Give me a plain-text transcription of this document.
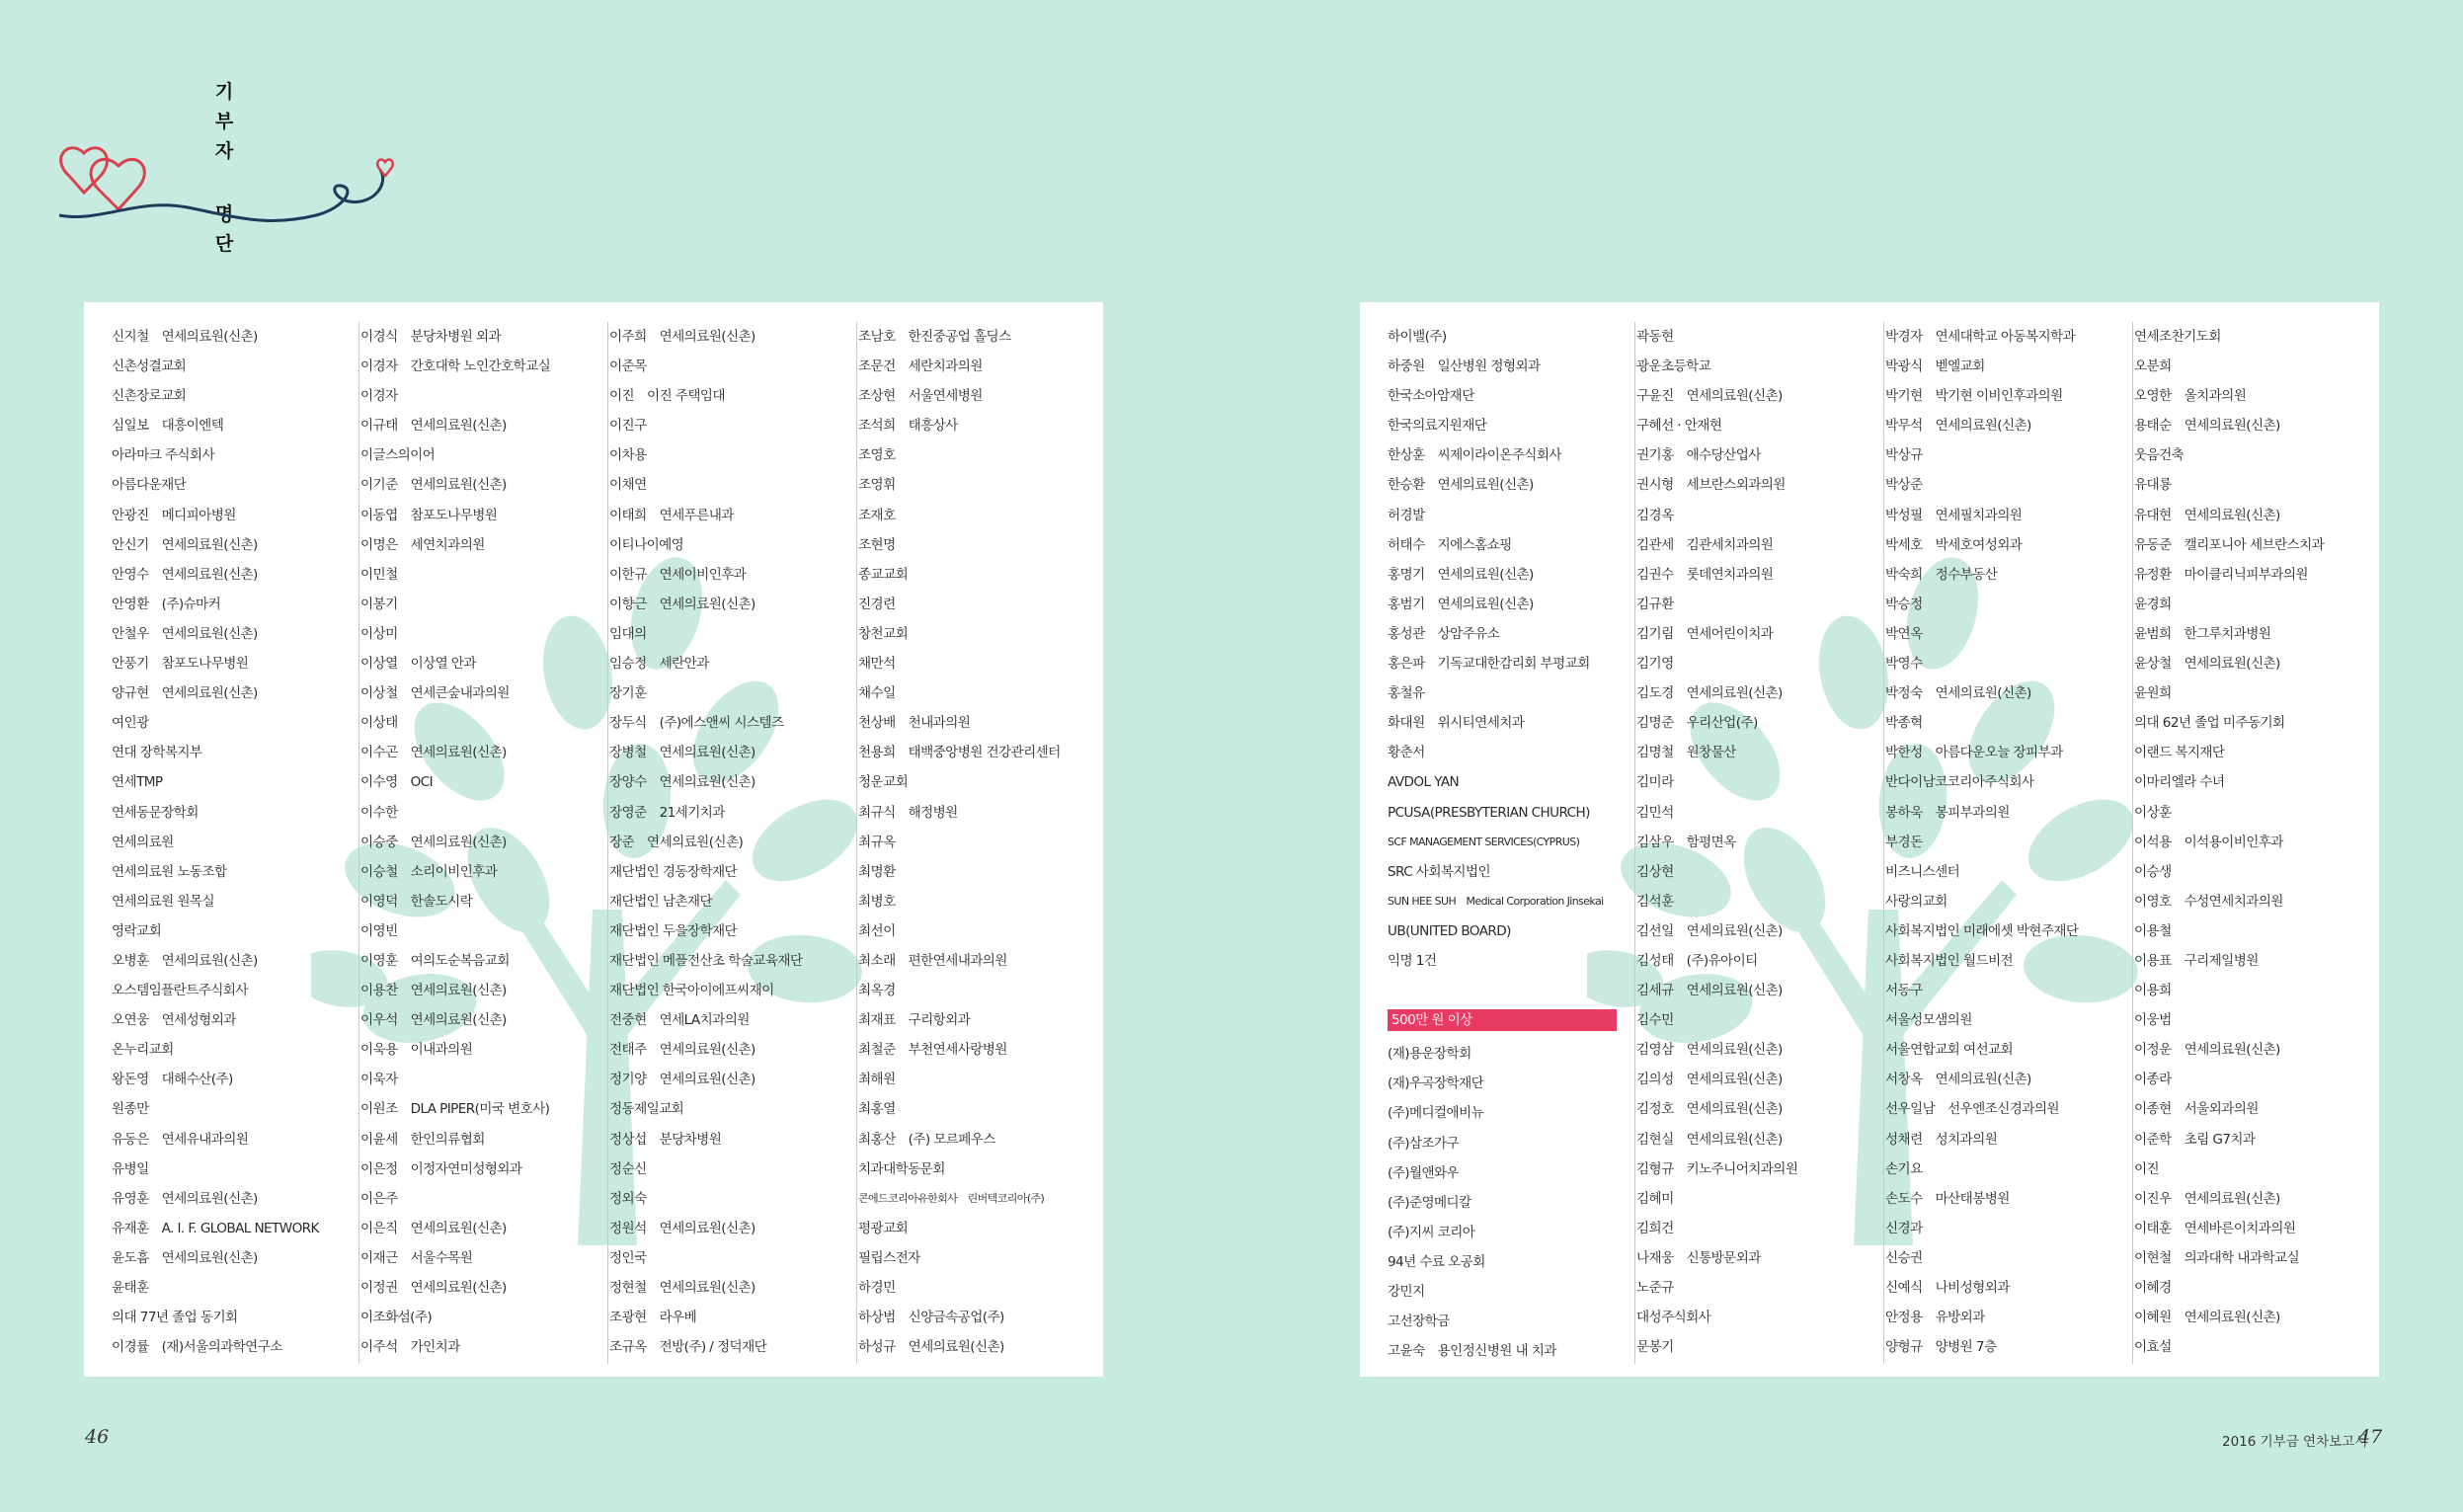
기
부
자
명
단
신지철　연세의료원(신촌)
신촌성결교회
신촌장로교회
심일보　대흥이엔텍
아라마크 주식회사
아름다운재단
안광진　메디피아병원
안신기　연세의료원(신촌)
안영수　연세의료원(신촌)
안영환　(주)슈마커
안철우　연세의료원(신촌)
안풍기　참포도나무병원
양규현　연세의료원(신촌)
여인광
연대 장학복지부
연세TMP
연세동문장학회
연세의료원
연세의료원 노동조합
연세의료원 원목실
영락교회
오병훈　연세의료원(신촌)
오스템임플란트주식회사
오연웅　연세성형외과
온누리교회
왕돈영　대해수산(주)
원종만
유동은　연세유내과의원
유병일
유영훈　연세의료원(신촌)
유재훈　A. I. F. GLOBAL NETWORK
윤도흠　연세의료원(신촌)
윤태훈
의대 77년 졸업 동기회
이경률　(재)서울의과학연구소
이경식　분당차병원 외과
이경자　간호대학 노인간호학교실
이경자
이규태　연세의료원(신촌)
이글스의이어
이기준　연세의료원(신촌)
이동엽　참포도나무병원
이명은　세연치과의원
이민철
이봉기
이상미
이상열　이상열 안과
이상철　연세큰숲내과의원
이상태
이수곤　연세의료원(신촌)
이수영　OCI
이수한
이승중　연세의료원(신촌)
이승철　소리이비인후과
이영덕　한솔도시락
이영빈
이영훈　여의도순복음교회
이용찬　연세의료원(신촌)
이우석　연세의료원(신촌)
이욱용　이내과의원
이욱자
이원조　DLA PIPER(미국 변호사)
이윤세　한인의류협회
이은정　이정자연미성형외과
이은주
이은직　연세의료원(신촌)
이재근　서울수목원
이정권　연세의료원(신촌)
이조화섬(주)
이주석　가인치과
이주희　연세의료원(신촌)
이준목
이진　이진 주택임대
이진구
이차용
이채연
이태희　연세푸른내과
이티나이예영
이한규　연세이비인후과
이향근　연세의료원(신촌)
임대의
임승정　세란안과
장기훈
장두식　(주)에스앤씨 시스템즈
장병철　연세의료원(신촌)
장양수　연세의료원(신촌)
장영준　21세기치과
장준　연세의료원(신촌)
재단법인 경동장학재단
재단법인 남촌재단
재단법인 두을장학재단
재단법인 메플전산초 학술교육재단
재단법인 한국아이에프씨재이
전중현　연세LA치과의원
전태주　연세의료원(신촌)
정기양　연세의료원(신촌)
정동제일교회
정상섭　분당차병원
정순신
정외숙
정원석　연세의료원(신촌)
정인국
정현철　연세의료원(신촌)
조광현　라우베
조규옥　전방(주) / 정덕재단
조남호　한진중공업 홀딩스
조문건　세란치과의원
조상현　서울연세병원
조석희　태흥상사
조영호
조영휘
조재호
조현명
종교교회
진경련
창천교회
채만석
채수일
천상배　천내과의원
천용희　태백중앙병원 건강관리센터
청운교회
최규식　해정병원
최규옥
최명환
최병호
최선이
최소래　편한연세내과의원
최옥경
최재표　구리항외과
최철준　부천연세사랑병원
최해원
최홍열
최홍산　(주) 모르페우스
치과대학동문회
콘에드코리아유한회사　린버텍코리아(주)
평광교회
필립스전자
하경민
하상범　신양금속공업(주)
하성규　연세의료원(신촌)
하이밸(주)
하중원　일산병원 정형외과
한국소아암재단
한국의료지원재단
한상훈　씨제이라이온주식회사
한승환　연세의료원(신촌)
허경발
허태수　지에스홈쇼핑
홍명기　연세의료원(신촌)
홍범기　연세의료원(신촌)
홍성관　상암주유소
홍은파　기독교대한감리회 부평교회
홍철유
화대원　위시티연세치과
황춘서
AVDOL YAN
PCUSA(PRESBYTERIAN CHURCH)
SCF MANAGEMENT SERVICES(CYPRUS)
SRC 사회복지법인
SUN HEE SUH　Medical Corporation Jinsekai
UB(UNITED BOARD)
익명 1건
500만 원 이상
(재)용운장학회
(재)우곡장학재단
(주)메디컬애비뉴
(주)삼조가구
(주)월앤와우
(주)준영메디칼
(주)지씨 코리아
94년 수료 오공회
강민지
고선장학금
고윤숙　용인정신병원 내 치과
곽동현
광운초등학교
구윤진　연세의료원(신촌)
구혜선 · 안재현
권기홍　애수당산업사
권시형　세브란스외과의원
김경옥
김관세　김관세치과의원
김권수　롯데연치과의원
김규환
김기림　연세어린이치과
김기영
김도경　연세의료원(신촌)
김명준　우리산업(주)
김명철　원창물산
김미라
김민석
김삼우　함평면옥
김상현
김석훈
김선일　연세의료원(신촌)
김성태　(주)유아이티
김세규　연세의료원(신촌)
김수민
김영삼　연세의료원(신촌)
김의성　연세의료원(신촌)
김정호　연세의료원(신촌)
김현실　연세의료원(신촌)
김형규　키노주니어치과의원
김혜미
김희건
나재웅　신통방문외과
노준규
대성주식회사
문봉기
박경자　연세대학교 아동복지학과
박광식　벧엘교회
박기현　박기현 이비인후과의원
박무석　연세의료원(신촌)
박상규
박상준
박성필　연세필치과의원
박세호　박세호여성외과
박숙희　정수부동산
박승정
박연옥
박영수
박정숙　연세의료원(신촌)
박종혁
박한성　아름다운오늘 장피부과
반다이남코코리아주식회사
봉하욱　봉피부과의원
부경돈
비즈니스센터
사랑의교회
사회복지법인 미래에셋 박현주재단
사회복지법인 월드비전
서동구
서울성모샘의원
서울연합교회 여선교회
서창옥　연세의료원(신촌)
선우일남　선우엔조신경과의원
성채련　성치과의원
손기요
손도수　마산태봉병원
신경과
신승권
신예식　나비성형외과
안정용　유방외과
양형규　양병원 7층
연세조찬기도회
오분희
오영한　올치과의원
용태순　연세의료원(신촌)
웃음건축
유대룡
유대현　연세의료원(신촌)
유동준　캘리포니아 세브란스치과
유정환　마이클리닉피부과의원
윤경희
윤범희　한그루치과병원
윤상철　연세의료원(신촌)
윤원희
의대 62년 졸업 미주동기회
이랜드 복지재단
이마리엘라 수녀
이상훈
이석용　이석용이비인후과
이승생
이영호　수성연세치과의원
이용철
이용표　구리제일병원
이용희
이웅범
이정운　연세의료원(신촌)
이종라
이종현　서울외과의원
이준학　초림 G7치과
이진
이진우　연세의료원(신촌)
이태훈　연세바른이치과의원
이현철　의과대학 내과학교실
이혜경
이혜원　연세의료원(신촌)
이효설
46	2016 기부금 연차보고서
47
